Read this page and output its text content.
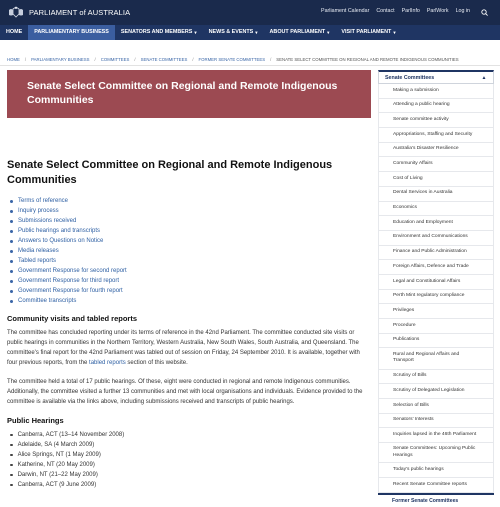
PARLIAMENT of AUSTRALIA	Parliament Calendar Contact ParlInfo ParlWork Log in
HOME PARLIAMENTARY BUSINESS SENATORS AND MEMBERS ▾ NEWS & EVENTS ▾ ABOUT PARLIAMENT ▾ VISIT PARLIAMENT ▾
HOME / PARLIAMENTARY BUSINESS / COMMITTEES / SENATE COMMITTEES / FORMER SENATE COMMITTEES / SENATE SELECT COMMITTEE ON REGIONAL AND REMOTE INDIGENOUS COMMUNITIES
Senate Select Committee on Regional and Remote Indigenous Communities
Senate Select Committee on Regional and Remote Indigenous Communities
Terms of reference
Inquiry process
Submissions received
Public hearings and transcripts
Answers to Questions on Notice
Media releases
Tabled reports
Government Response for second report
Government Response for third report
Government Response for fourth report
Committee transcripts
Community visits and tabled reports

The committee has concluded reporting under its terms of reference in the 42nd Parliament. The committee conducted site visits or public hearings in communities in the Northern Territory, Western Australia, New South Wales, South Australia, and Queensland. The committee's final report for the 42nd Parliament was tabled out of session on Friday, 24 September 2010. It is available, together with four previous reports, from the tabled reports section of this website.

The committee held a total of 17 public hearings. Of these, eight were conducted in regional and remote Indigenous communities. Additionally, the committee visited a further 13 communities and met with local organisations and individuals. Evidence provided to the committee is available via the links above, including submissions received and transcripts of public hearings.

Public Hearings
Canberra, ACT (13–14 November 2008)
Adelaide, SA (4 March 2009)
Alice Springs, NT (1 May 2009)
Katherine, NT (20 May 2009)
Darwin, NT (21–22 May 2009)
Canberra, ACT (9 June 2009)
Senate Committees	▲
Making a submission
Attending a public hearing
Senate committee activity
Appropriations, Staffing and Security
Australia's Disaster Resilience
Community Affairs
Cost of Living
Dental Services in Australia
Economics
Education and Employment
Environment and Communications
Finance and Public Administration
Foreign Affairs, Defence and Trade
Legal and Constitutional Affairs
Perth Mint regulatory compliance
Privileges
Procedure
Publications
Rural and Regional Affairs and Transport
Scrutiny of Bills
Scrutiny of Delegated Legislation
Selection of Bills
Senators' Interests
Inquiries lapsed in the 46th Parliament
Senate Committees: Upcoming Public Hearings
Today's public hearings
Recent Senate Committee reports
Former Senate Committees
